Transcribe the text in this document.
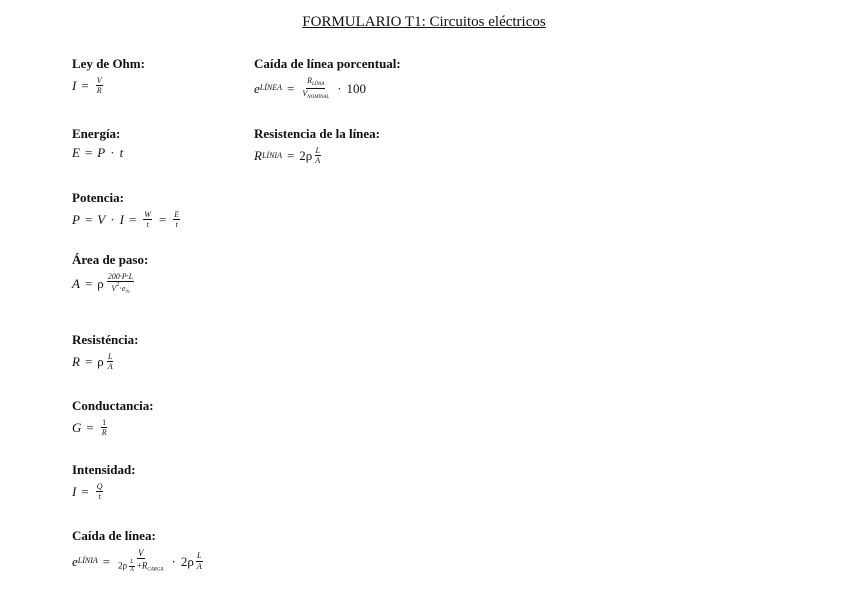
FORMULARIO T1: Circuitos eléctricos

Ley de Ohm:

$I = \frac{V}{R}$

Energía:

E = P · t

Potencia:

$P = V \cdot I = \frac{W}{t} = \frac{E}{t}$

Área de paso:

A = ρ $\frac{200\cdot P\cdot L}{V^2\cdot e_{\%}}$

Resisténcia:

R = ρ $\frac{L}{A}$

Conductancia:

$G = \frac{1}{R}$

Intensidad:

$I = \frac{Q}{t}$

Caída de línea:

e LÍNIA = $\frac{V}{2\rho \frac{L}{A} +R_{CARGA}} \cdot 2\rho \frac{L}{A}$

Caída de línea porcentual:

e LÍNEA = $\frac{R_{LÍNIA}}{V_{NOMINAL}} \cdot 100$

Resistencia de la línea:

R LÍNIA = $2\rho \frac{L}{A}$
